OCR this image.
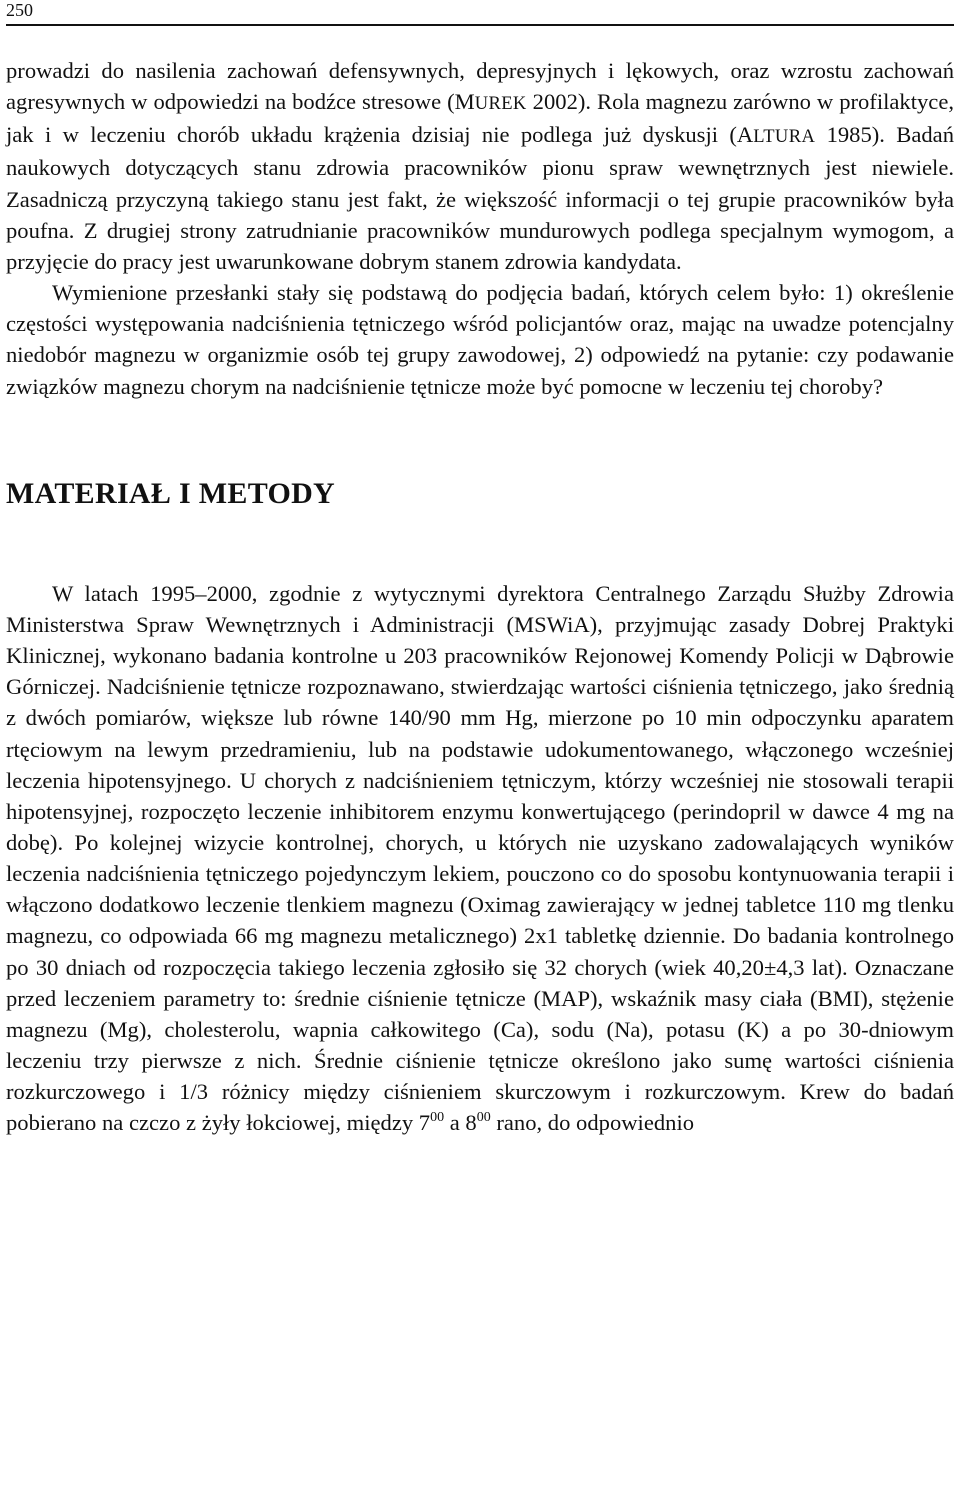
250

prowadzi do nasilenia zachowań defensywnych, depresyjnych i lękowych, oraz wzrostu zachowań agresywnych w odpowiedzi na bodźce stresowe (MUREK 2002). Rola magnezu zarówno w profilaktyce, jak i w leczeniu chorób układu krążenia dzisiaj nie podlega już dyskusji (ALTURA 1985). Badań naukowych dotyczących stanu zdrowia pracowników pionu spraw wewnętrznych jest niewiele. Zasadniczą przyczyną takiego stanu jest fakt, że większość informacji o tej grupie pracowników była poufna. Z drugiej strony zatrudnianie pracowników mundurowych podlega specjalnym wymogom, a przyjęcie do pracy jest uwarunkowane dobrym stanem zdrowia kandydata.

Wymienione przesłanki stały się podstawą do podjęcia badań, których celem było: 1) określenie częstości występowania nadciśnienia tętniczego wśród policjantów oraz, mając na uwadze potencjalny niedobór magnezu w organizmie osób tej grupy zawodowej, 2) odpowiedź na pytanie: czy podawanie związków magnezu chorym na nadciśnienie tętnicze może być pomocne w leczeniu tej choroby?

MATERIAŁ I METODY

W latach 1995–2000, zgodnie z wytycznymi dyrektora Centralnego Zarządu Służby Zdrowia Ministerstwa Spraw Wewnętrznych i Administracji (MSWiA), przyjmując zasady Dobrej Praktyki Klinicznej, wykonano badania kontrolne u 203 pracowników Rejonowej Komendy Policji w Dąbrowie Górniczej. Nadciśnienie tętnicze rozpoznawano, stwierdzając wartości ciśnienia tętniczego, jako średnią z dwóch pomiarów, większe lub równe 140/90 mm Hg, mierzone po 10 min odpoczynku aparatem rtęciowym na lewym przedramieniu, lub na podstawie udokumentowanego, włączonego wcześniej leczenia hipotensyjnego. U chorych z nadciśnieniem tętniczym, którzy wcześniej nie stosowali terapii hipotensyjnej, rozpoczęto leczenie inhibitorem enzymu konwertującego (perindopril w dawce 4 mg na dobę). Po kolejnej wizycie kontrolnej, chorych, u których nie uzyskano zadowalających wyników leczenia nadciśnienia tętniczego pojedynczym lekiem, pouczono co do sposobu kontynuowania terapii i włączono dodatkowo leczenie tlenkiem magnezu (Oximag zawierający w jednej tabletce 110 mg tlenku magnezu, co odpowiada 66 mg magnezu metalicznego) 2x1 tabletkę dziennie. Do badania kontrolnego po 30 dniach od rozpoczęcia takiego leczenia zgłosiło się 32 chorych (wiek 40,20±4,3 lat). Oznaczane przed leczeniem parametry to: średnie ciśnienie tętnicze (MAP), wskaźnik masy ciała (BMI), stężenie magnezu (Mg), cholesterolu, wapnia całkowitego (Ca), sodu (Na), potasu (K) a po 30-dniowym leczeniu trzy pierwsze z nich. Średnie ciśnienie tętnicze określono jako sumę wartości ciśnienia rozkurczowego i 1/3 różnicy między ciśnieniem skurczowym i rozkurczowym. Krew do badań pobierano na czczo z żyły łokciowej, między $7^{00}$ a $8^{00}$ rano, do odpowiednio
